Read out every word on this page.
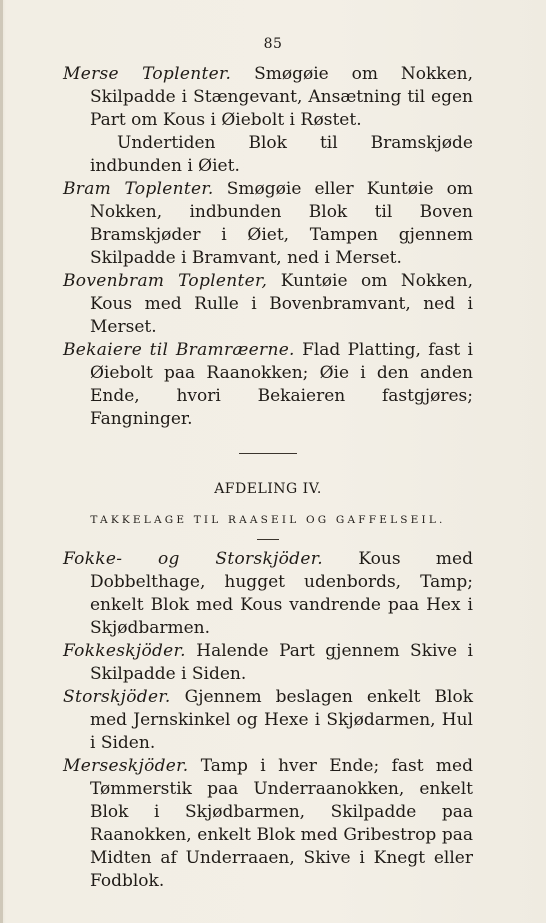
85

Merse Toplenter. Smøgøie om Nokken, Skilpadde i Stængevant, Ansætning til egen Part om Kous i Øiebolt i Røstet.

Undertiden Blok til Bramskjøde indbunden i Øiet.

Bram Toplenter. Smøgøie eller Kuntøie om Nokken, indbunden Blok til Boven Bramskjøder i Øiet, Tampen gjennem Skilpadde i Bramvant, ned i Merset.

Bovenbram Toplenter, Kuntøie om Nokken, Kous med Rulle i Bovenbramvant, ned i Merset.

Bekaiere til Bramræerne. Flad Platting, fast i Øiebolt paa Raanokken; Øie i den anden Ende, hvori Bekaieren fastgjøres; Fangninger.

AFDELING IV.
TAKKELAGE TIL RAASEIL OG GAFFELSEIL.

Fokke- og Storskjöder. Kous med Dobbelthage, hugget udenbords, Tamp; enkelt Blok med Kous vandrende paa Hex i Skjødbarmen.

Fokkeskjöder. Halende Part gjennem Skive i Skilpadde i Siden.

Storskjöder. Gjennem beslagen enkelt Blok med Jernskinkel og Hexe i Skjødarmen, Hul i Siden.

Merseskjöder. Tamp i hver Ende; fast med Tømmerstik paa Underraanokken, enkelt Blok i Skjødbarmen, Skilpadde paa Raanokken, enkelt Blok med Gribestrop paa Midten af Underraaen, Skive i Knegt eller Fodblok.
